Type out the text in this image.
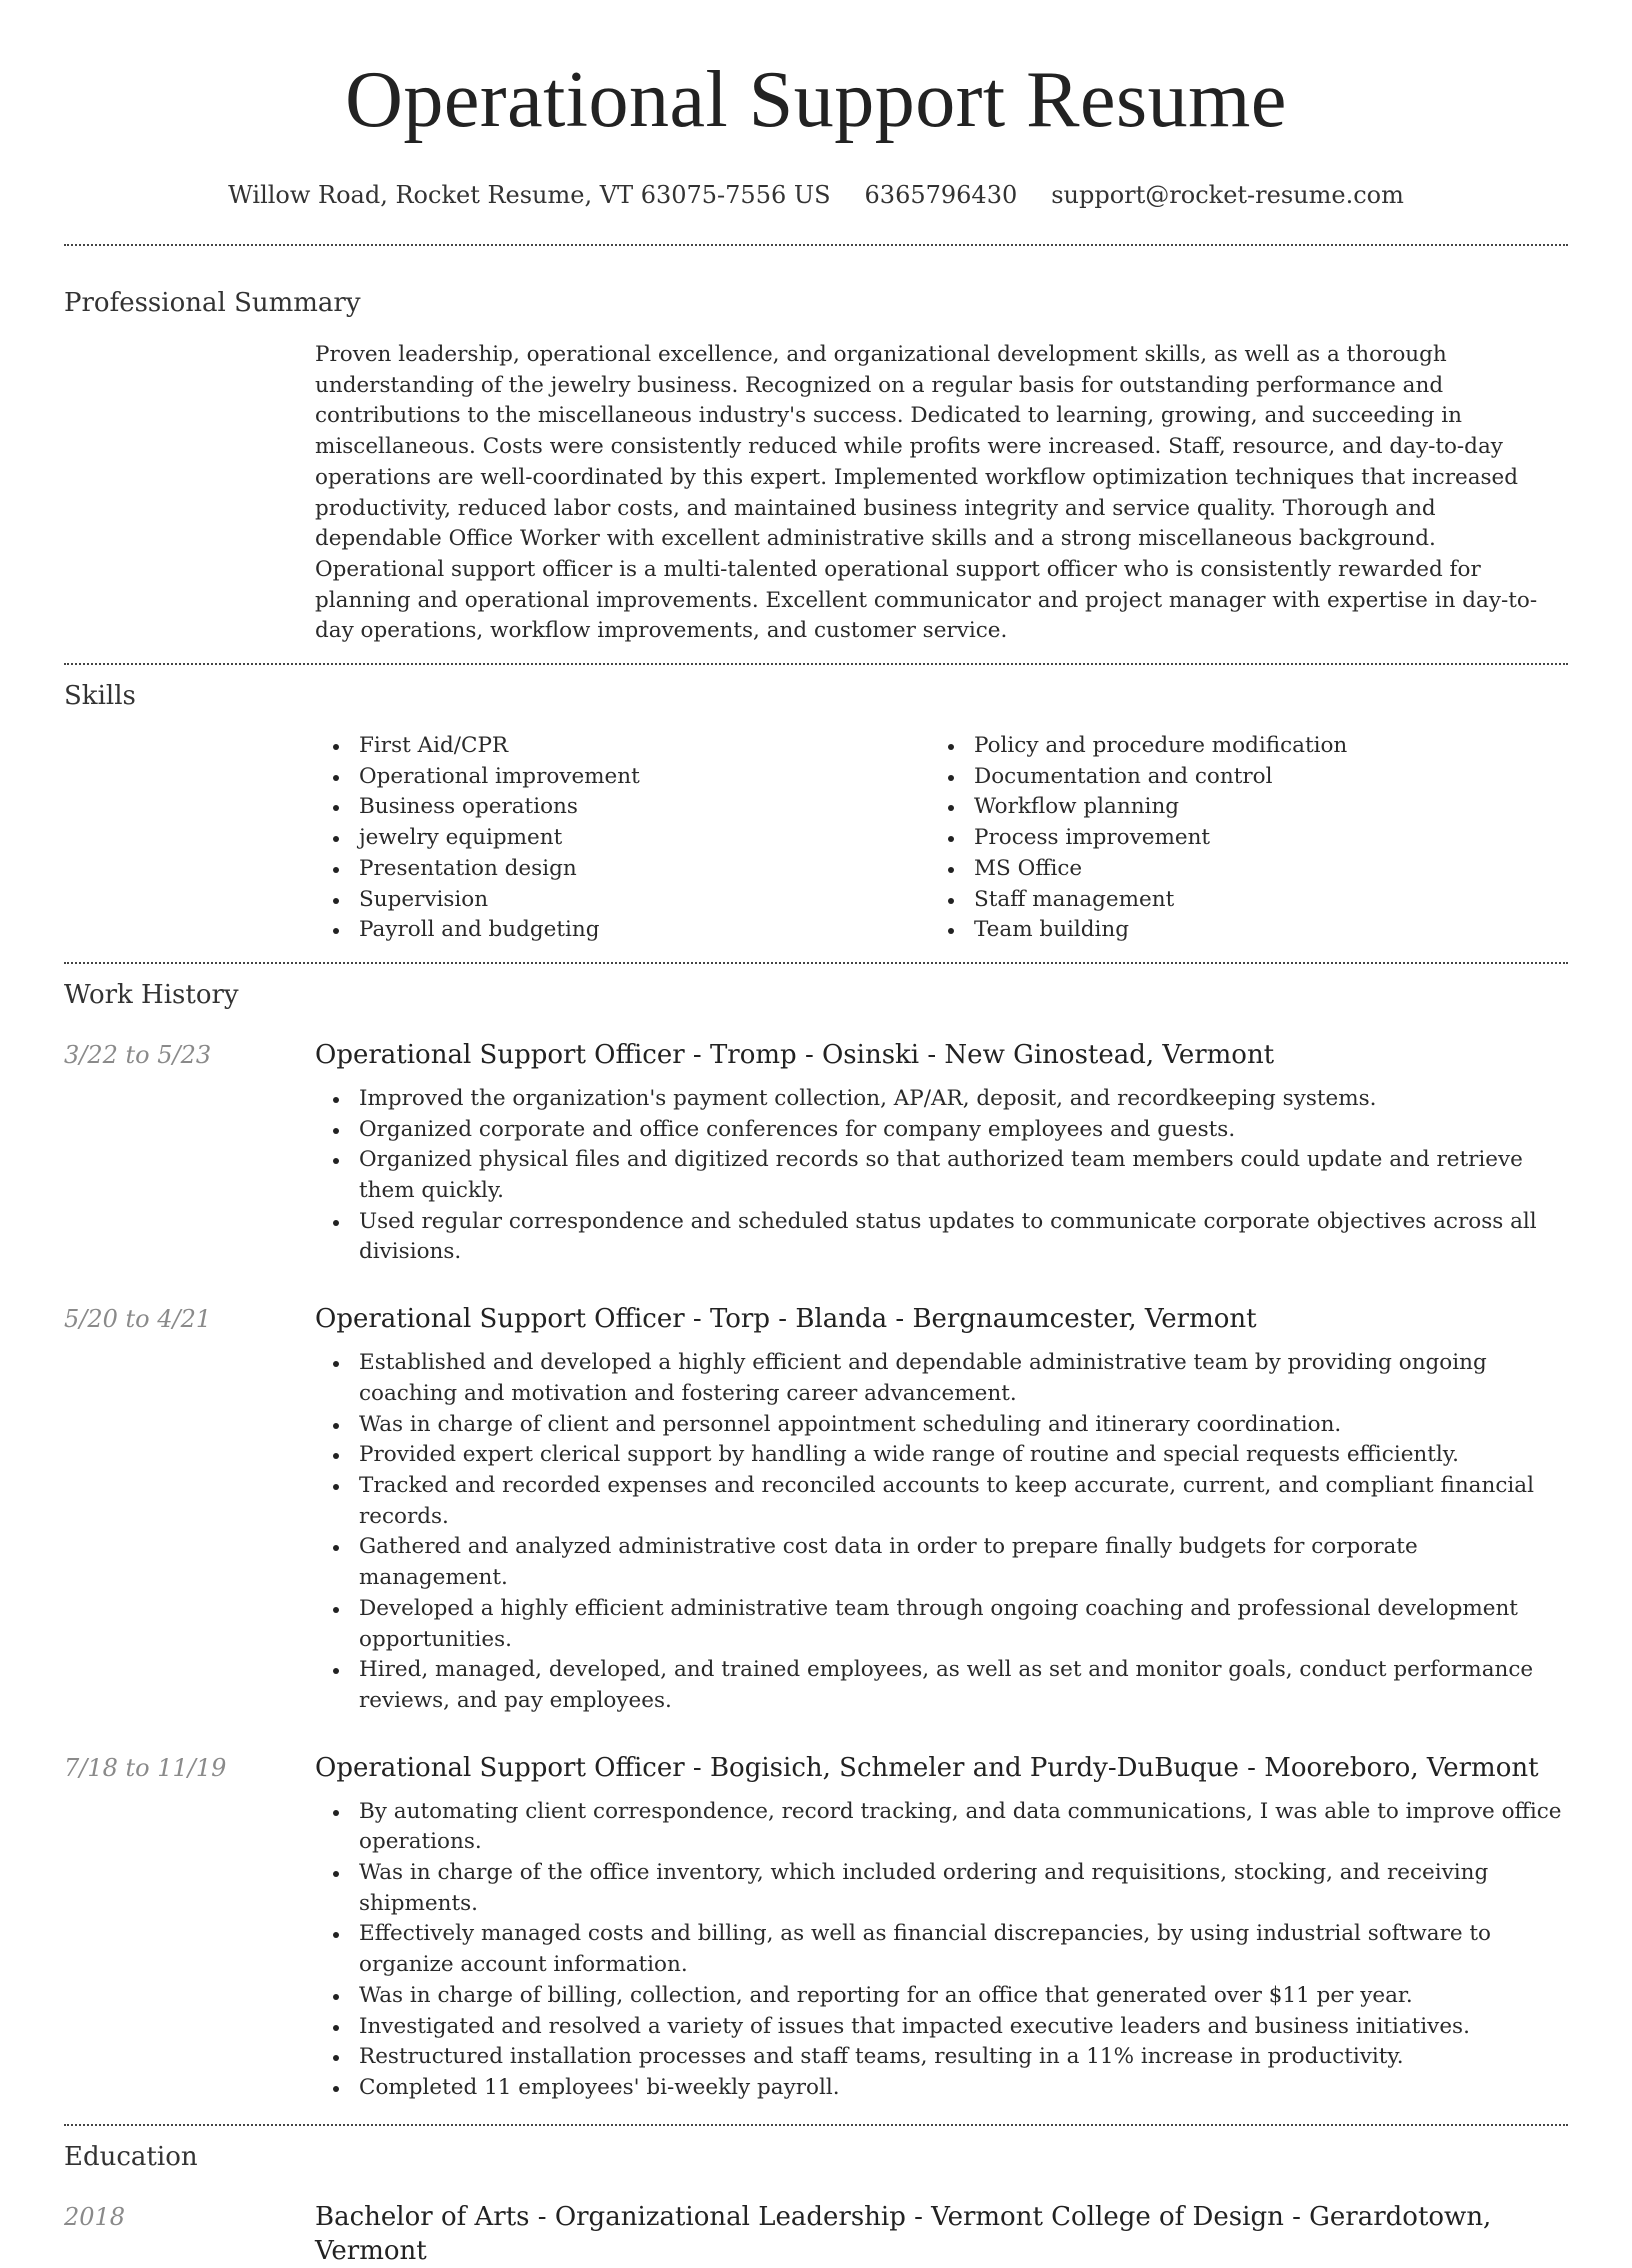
Operational Support Resume
Willow Road, Rocket Resume, VT 63075-7556 US 6365796430 support@rocket-resume.com
Professional Summary

Proven leadership, operational excellence, and organizational development skills, as well as a thorough understanding of the jewelry business. Recognized on a regular basis for outstanding performance and contributions to the miscellaneous industry's success. Dedicated to learning, growing, and succeeding in miscellaneous. Costs were consistently reduced while profits were increased. Staff, resource, and day-to-day operations are well-coordinated by this expert. Implemented workflow optimization techniques that increased productivity, reduced labor costs, and maintained business integrity and service quality. Thorough and dependable Office Worker with excellent administrative skills and a strong miscellaneous background. Operational support officer is a multi-talented operational support officer who is consistently rewarded for planning and operational improvements. Excellent communicator and project manager with expertise in day-to-day operations, workflow improvements, and customer service.

Skills
First Aid/CPR
Operational improvement
Business operations
jewelry equipment
Presentation design
Supervision
Payroll and budgeting
Policy and procedure modification
Documentation and control
Workflow planning
Process improvement
MS Office
Staff management
Team building
Work History
3/22 to 5/23	Operational Support Officer - Tromp - Osinski - New Ginostead, Vermont
Improved the organization's payment collection, AP/AR, deposit, and recordkeeping systems.
Organized corporate and office conferences for company employees and guests.
Organized physical files and digitized records so that authorized team members could update and retrieve them quickly.
Used regular correspondence and scheduled status updates to communicate corporate objectives across all divisions.
5/20 to 4/21	Operational Support Officer - Torp - Blanda - Bergnaumcester, Vermont
Established and developed a highly efficient and dependable administrative team by providing ongoing coaching and motivation and fostering career advancement.
Was in charge of client and personnel appointment scheduling and itinerary coordination.
Provided expert clerical support by handling a wide range of routine and special requests efficiently.
Tracked and recorded expenses and reconciled accounts to keep accurate, current, and compliant financial records.
Gathered and analyzed administrative cost data in order to prepare finally budgets for corporate management.
Developed a highly efficient administrative team through ongoing coaching and professional development opportunities.
Hired, managed, developed, and trained employees, as well as set and monitor goals, conduct performance reviews, and pay employees.
7/18 to 11/19	Operational Support Officer - Bogisich, Schmeler and Purdy-DuBuque - Mooreboro, Vermont
By automating client correspondence, record tracking, and data communications, I was able to improve office operations.
Was in charge of the office inventory, which included ordering and requisitions, stocking, and receiving shipments.
Effectively managed costs and billing, as well as financial discrepancies, by using industrial software to organize account information.
Was in charge of billing, collection, and reporting for an office that generated over $11 per year.
Investigated and resolved a variety of issues that impacted executive leaders and business initiatives.
Restructured installation processes and staff teams, resulting in a 11% increase in productivity.
Completed 11 employees' bi-weekly payroll.
Education
2018	Bachelor of Arts - Organizational Leadership - Vermont College of Design - Gerardotown, Vermont
